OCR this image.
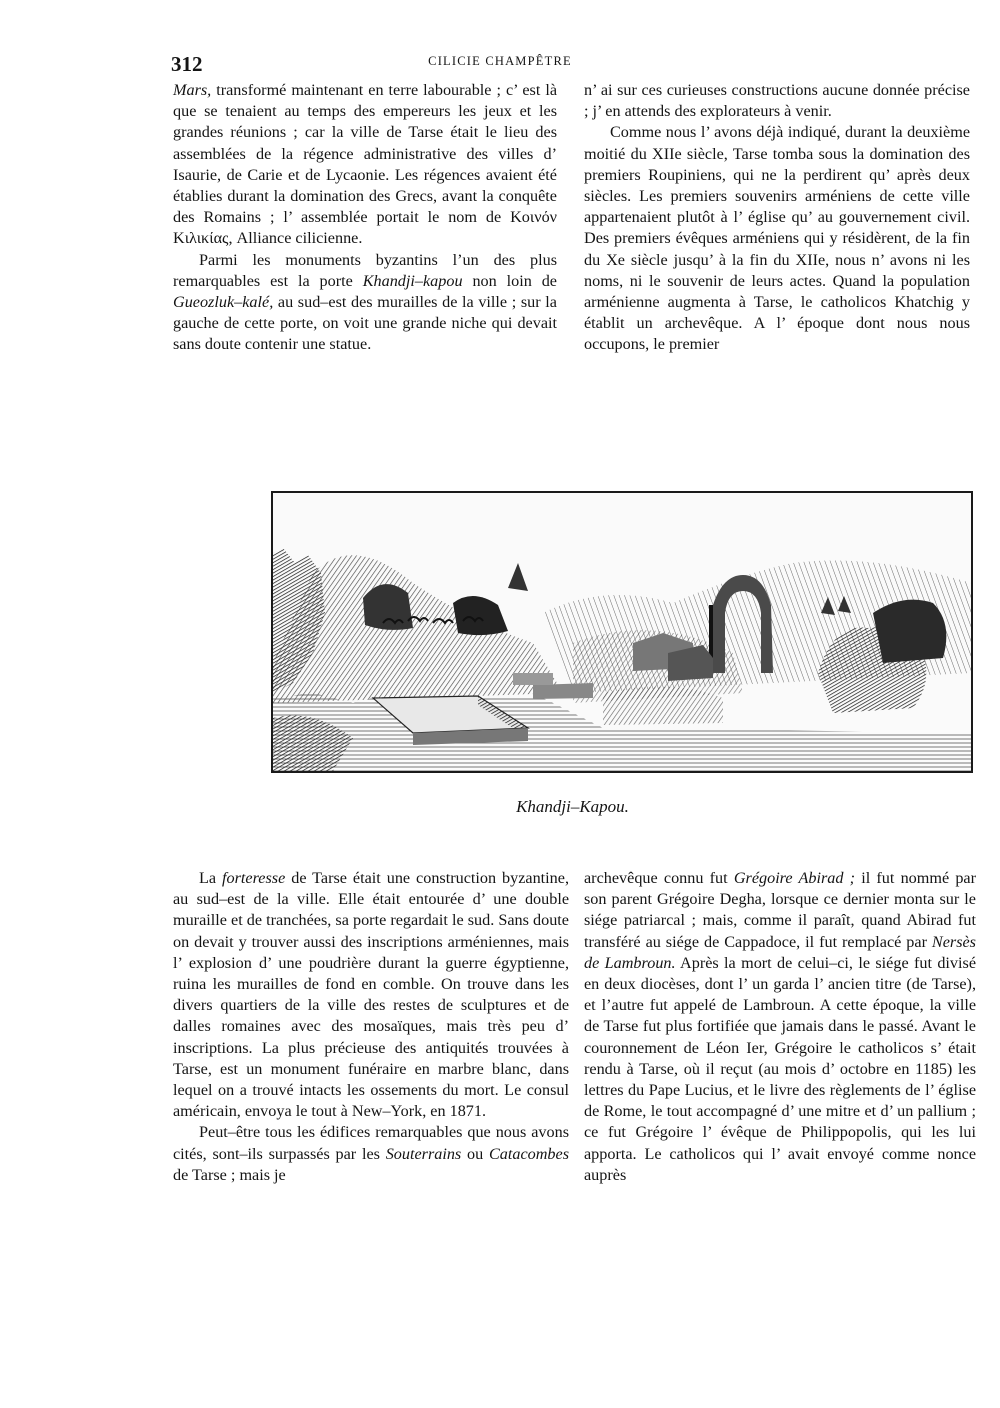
312	CILICIE CHAMPÊTRE

Mars, transformé maintenant en terre labourable ; c’ est là que se tenaient au temps des empereurs les jeux et les grandes réunions ; car la ville de Tarse était le lieu des assemblées de la régence administrative des villes d’ Isaurie, de Carie et de Lycaonie. Les régences avaient été établies durant la domination des Grecs, avant la conquête des Romains ; l’ assemblée portait le nom de Κοινόν Κιλικίας, Alliance cilicienne.

Parmi les monuments byzantins l’un des plus remarquables est la porte Khandji–kapou non loin de Gueozluk–kalé, au sud–est des murailles de la ville ; sur la gauche de cette porte, on voit une grande niche qui devait sans doute contenir une statue.

n’ ai sur ces curieuses constructions aucune donnée précise ; j’ en attends des explorateurs à venir.

Comme nous l’ avons déjà indiqué, durant la deuxième moitié du XIIe siècle, Tarse tomba sous la domination des premiers Roupiniens, qui ne la perdirent qu’ après deux siècles. Les premiers souvenirs arméniens de cette ville appartenaient plutôt à l’ église qu’ au gouvernement civil. Des premiers évêques arméniens qui y résidèrent, de la fin du Xe siècle jusqu’ à la fin du XIIe, nous n’ avons ni les noms, ni le souvenir de leurs actes. Quand la population arménienne augmenta à Tarse, le catholicos Khatchig y établit un archevêque. A l’ époque dont nous nous occupons, le premier

Khandji–Kapou.

La forteresse de Tarse était une construction byzantine, au sud–est de la ville. Elle était entourée d’ une double muraille et de tranchées, sa porte regardait le sud. Sans doute on devait y trouver aussi des inscriptions arméniennes, mais l’ explosion d’ une poudrière durant la guerre égyptienne, ruina les murailles de fond en comble. On trouve dans les divers quartiers de la ville des restes de sculptures et de dalles romaines avec des mosaïques, mais très peu d’ inscriptions. La plus précieuse des antiquités trouvées à Tarse, est un monument funéraire en marbre blanc, dans lequel on a trouvé intacts les ossements du mort. Le consul américain, envoya le tout à New–York, en 1871.

Peut–être tous les édifices remarquables que nous avons cités, sont–ils surpassés par les Souterrains ou Catacombes de Tarse ; mais je

archevêque connu fut Grégoire Abirad ; il fut nommé par son parent Grégoire Degha, lorsque ce dernier monta sur le siége patriarcal ; mais, comme il paraît, quand Abirad fut transféré au siége de Cappadoce, il fut remplacé par Nersès de Lambroun. Après la mort de celui–ci, le siége fut divisé en deux diocèses, dont l’ un garda l’ ancien titre (de Tarse), et l’autre fut appelé de Lambroun. A cette époque, la ville de Tarse fut plus fortifiée que jamais dans le passé. Avant le couronnement de Léon Ier, Grégoire le catholicos s’ était rendu à Tarse, où il reçut (au mois d’ octobre en 1185) les lettres du Pape Lucius, et le livre des règlements de l’ église de Rome, le tout accompagné d’ une mitre et d’ un pallium ; ce fut Grégoire l’ évêque de Philippopolis, qui les lui apporta. Le catholicos qui l’ avait envoyé comme nonce auprès
